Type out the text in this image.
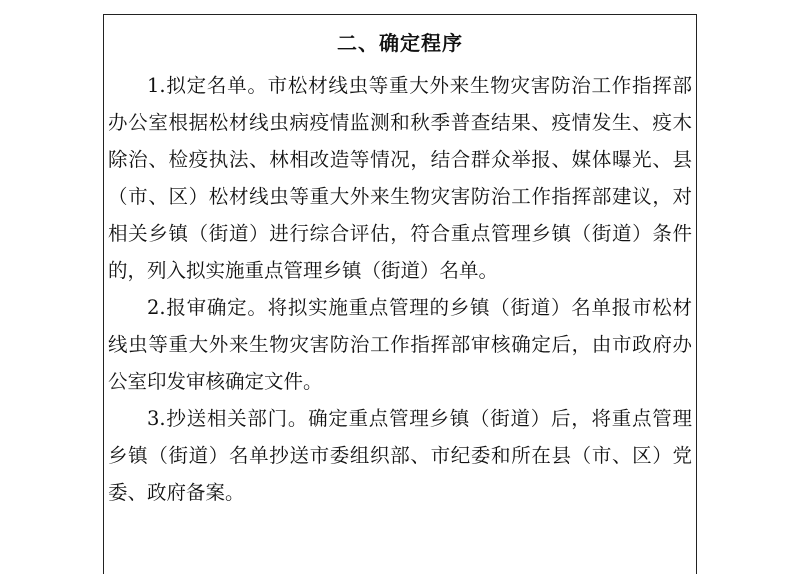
二、确定程序

1.拟定名单。市松材线虫等重大外来生物灾害防治工作指挥部办公室根据松材线虫病疫情监测和秋季普查结果、疫情发生、疫木除治、检疫执法、林相改造等情况，结合群众举报、媒体曝光、县（市、区）松材线虫等重大外来生物灾害防治工作指挥部建议，对相关乡镇（街道）进行综合评估，符合重点管理乡镇（街道）条件的，列入拟实施重点管理乡镇（街道）名单。

2.报审确定。将拟实施重点管理的乡镇（街道）名单报市松材线虫等重大外来生物灾害防治工作指挥部审核确定后，由市政府办公室印发审核确定文件。

3.抄送相关部门。确定重点管理乡镇（街道）后，将重点管理乡镇（街道）名单抄送市委组织部、市纪委和所在县（市、区）党委、政府备案。
